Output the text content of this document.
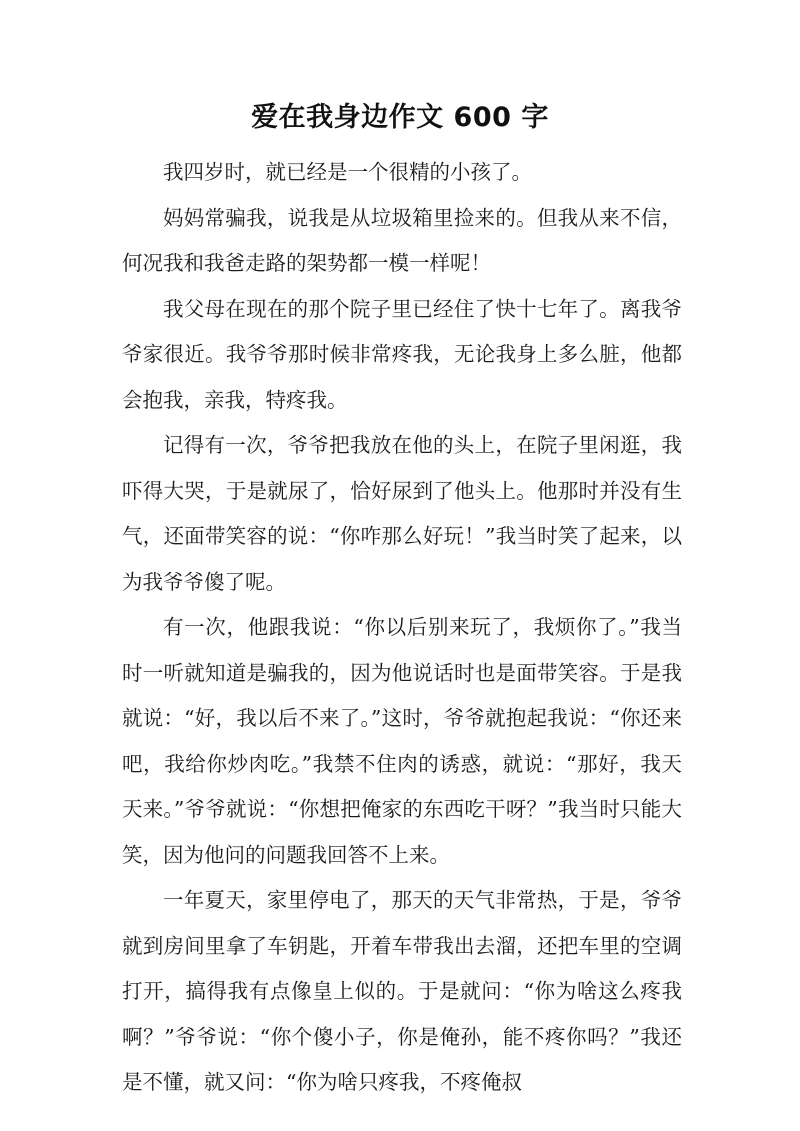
爱在我身边作文 600 字

我四岁时，就已经是一个很精的小孩了。

妈妈常骗我，说我是从垃圾箱里捡来的。但我从来不信，何况我和我爸走路的架势都一模一样呢！

我父母在现在的那个院子里已经住了快十七年了。离我爷爷家很近。我爷爷那时候非常疼我，无论我身上多么脏，他都会抱我，亲我，特疼我。

记得有一次，爷爷把我放在他的头上，在院子里闲逛，我吓得大哭，于是就尿了，恰好尿到了他头上。他那时并没有生气，还面带笑容的说：“你咋那么好玩！”我当时笑了起来，以为我爷爷傻了呢。

有一次，他跟我说：“你以后别来玩了，我烦你了。”我当时一听就知道是骗我的，因为他说话时也是面带笑容。于是我就说：“好，我以后不来了。”这时，爷爷就抱起我说：“你还来吧，我给你炒肉吃。”我禁不住肉的诱惑，就说：“那好，我天天来。”爷爷就说：“你想把俺家的东西吃干呀？”我当时只能大笑，因为他问的问题我回答不上来。

一年夏天，家里停电了，那天的天气非常热，于是，爷爷就到房间里拿了车钥匙，开着车带我出去溜，还把车里的空调打开，搞得我有点像皇上似的。于是就问：“你为啥这么疼我啊？”爷爷说：“你个傻小子，你是俺孙，能不疼你吗？”我还是不懂，就又问：“你为啥只疼我，不疼俺叔
